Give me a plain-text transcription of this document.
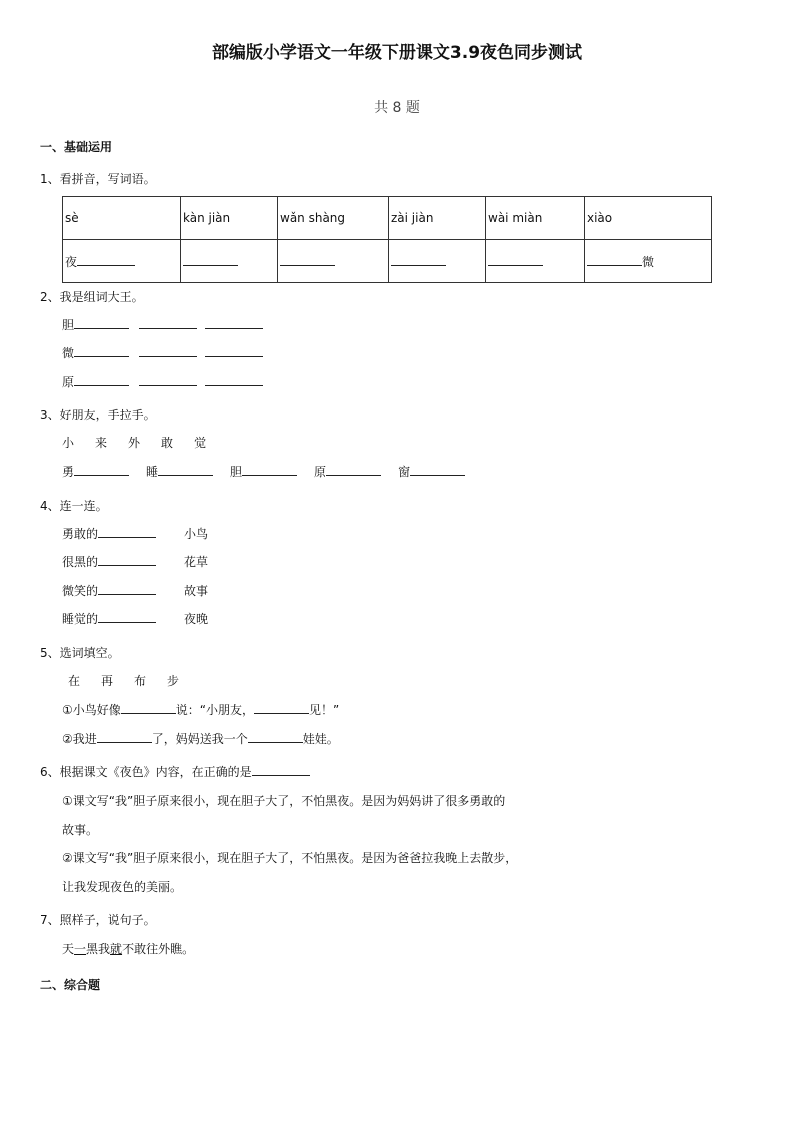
部编版小学语文一年级下册课文3.9夜色同步测试
共 8 题
一、基础运用
1、看拼音，写词语。
sè	kàn jiàn	wǎn shàng	zài jiàn	wài miàn	xiào
夜					微
2、我是组词大王。
胆
微
原
3、好朋友，手拉手。
小 来 外 敢 觉
勇	睡	胆	原	窗
4、连一连。
勇敢的	小鸟
很黑的	花草
微笑的	故事
睡觉的	夜晚
5、选词填空。
在 再 布 步
①小鸟好像	说：“小朋友，	见！”
②我进	了，妈妈送我一个	娃娃。
6、根据课文《夜色》内容，在正确的是
①课文写“我”胆子原来很小，现在胆子大了，不怕黑夜。是因为妈妈讲了很多勇敢的
故事。
②课文写“我”胆子原来很小，现在胆子大了，不怕黑夜。是因为爸爸拉我晚上去散步，
让我发现夜色的美丽。
7、照样子，说句子。
天一黑我就不敢往外瞧。
二、综合题
